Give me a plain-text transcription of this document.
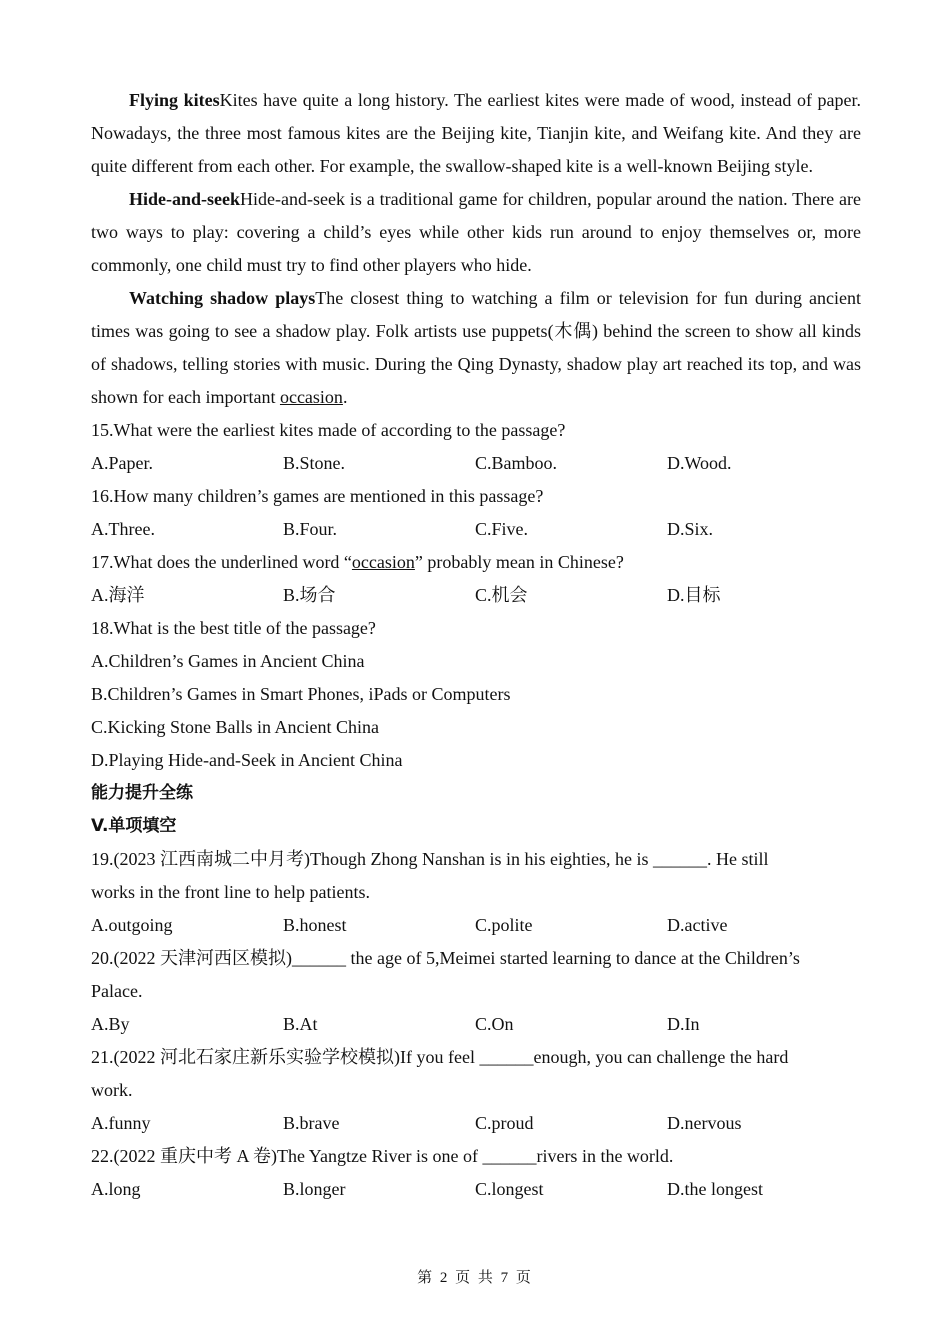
Flying kitesKites have quite a long history. The earliest kites were made of wood, instead of paper. Nowadays, the three most famous kites are the Beijing kite, Tianjin kite, and Weifang kite. And they are quite different from each other. For example, the swallow‑shaped kite is a well‑known Beijing style.
Hide‑and‑seekHide‑and‑seek is a traditional game for children, popular around the nation. There are two ways to play: covering a child’s eyes while other kids run around to enjoy themselves or, more commonly, one child must try to find other players who hide.
Watching shadow playsThe closest thing to watching a film or television for fun during ancient times was going to see a shadow play. Folk artists use puppets(木偶) behind the screen to show all kinds of shadows, telling stories with music. During the Qing Dynasty, shadow play art reached its top, and was shown for each important occasion.
15.What were the earliest kites made of according to the passage?
A.Paper.	B.Stone.	C.Bamboo.	D.Wood.
16.How many children’s games are mentioned in this passage?
A.Three.	B.Four.	C.Five.	D.Six.
17.What does the underlined word “occasion” probably mean in Chinese?
A.海洋	B.场合	C.机会	D.目标
18.What is the best title of the passage?
A.Children’s Games in Ancient China
B.Children’s Games in Smart Phones, iPads or Computers
C.Kicking Stone Balls in Ancient China
D.Playing Hide‑and‑Seek in Ancient China
能力提升全练
V.单项填空
19.(2023 江西南城二中月考)Though Zhong Nanshan is in his eighties, he is ______. He still
works in the front line to help patients.
A.outgoing	B.honest	C.polite	D.active
20.(2022 天津河西区模拟)______ the age of 5,Meimei started learning to dance at the Children’s
Palace.
A.By	B.At	C.On	D.In
21.(2022 河北石家庄新乐实验学校模拟)If you feel ______enough, you can challenge the hard
work.
A.funny	B.brave	C.proud	D.nervous
22.(2022 重庆中考 A 卷)The Yangtze River is one of ______rivers in the world.
A.long	B.longer	C.longest	D.the longest
第 2 页 共 7 页
